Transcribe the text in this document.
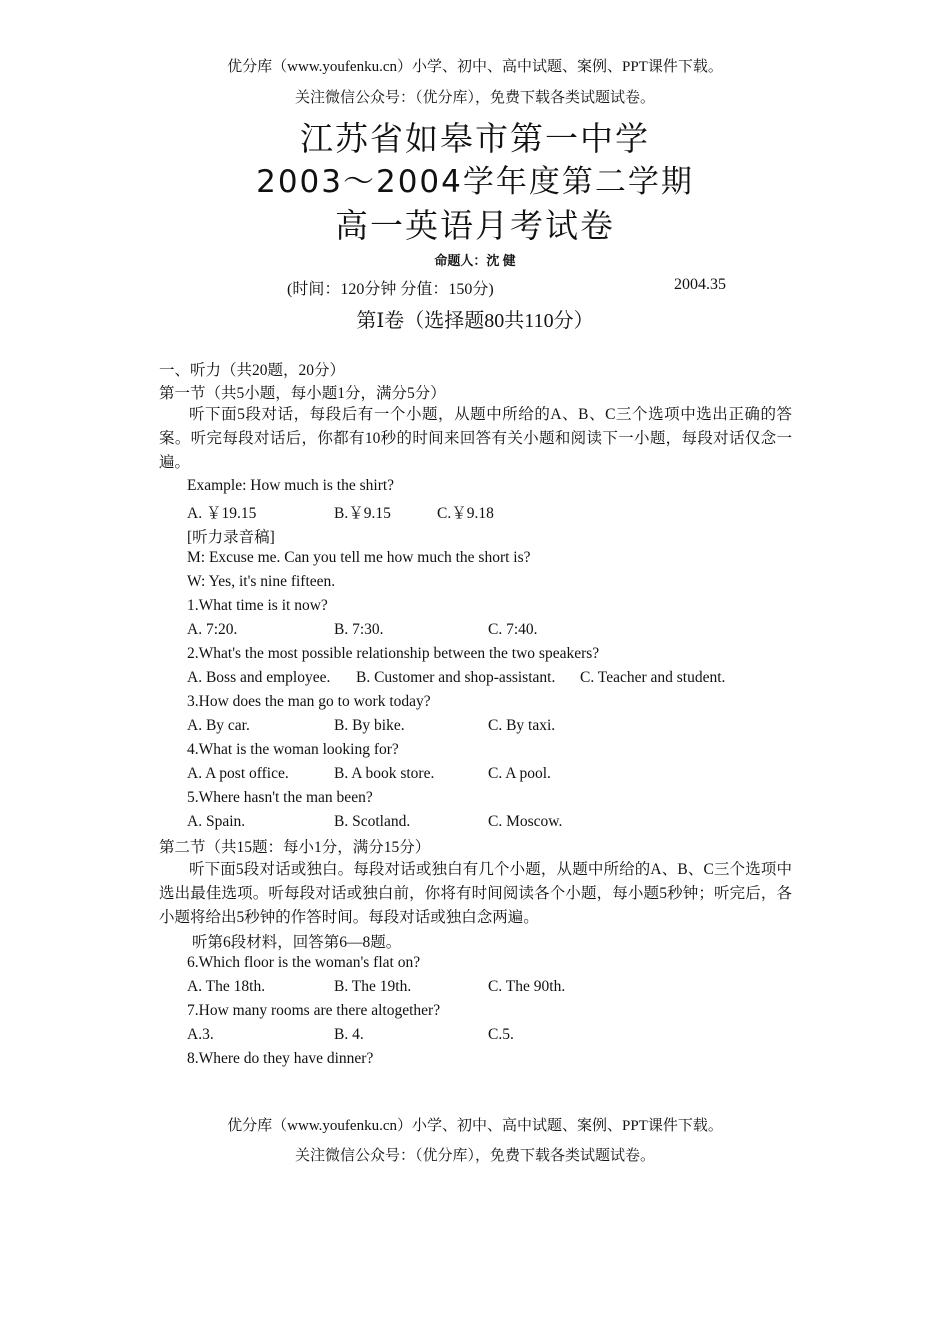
优分库（www.youfenku.cn）小学、初中、高中试题、案例、PPT课件下载。
关注微信公众号：（优分库），免费下载各类试题试卷。
江苏省如皋市第一中学
2003～2004学年度第二学期
高一英语月考试卷
命题人：沈 健
(时间：120分钟 分值：150分)	2004.35
第Ⅰ卷（选择题80共110分）
一、听力（共20题，20分）
第一节（共5小题，每小题1分，满分5分）
听下面5段对话，每段后有一个小题，从题中所给的A、B、C三个选项中选出正确的答案。听完每段对话后，你都有10秒的时间来回答有关小题和阅读下一小题，每段对话仅念一遍。
Example: How much is the shirt?
A. ￥19.15	B.￥9.15	C.￥9.18
[听力录音稿]
M: Excuse me. Can you tell me how much the short is?
W: Yes, it's nine fifteen.
1.What time is it now?
A. 7:20.	B. 7:30.	C. 7:40.
2.What's the most possible relationship between the two speakers?
A. Boss and employee. B. Customer and shop-assistant. C. Teacher and student.
3.How does the man go to work today?
A. By car.	B. By bike.	C. By taxi.
4.What is the woman looking for?
A. A post office.	B. A book store.	C. A pool.
5.Where hasn't the man been?
A. Spain.	B. Scotland.	C. Moscow.
第二节（共15题：每小1分，满分15分）
听下面5段对话或独白。每段对话或独白有几个小题，从题中所给的A、B、C三个选项中选出最佳选项。听每段对话或独白前，你将有时间阅读各个小题，每小题5秒钟；听完后，各小题将给出5秒钟的作答时间。每段对话或独白念两遍。
听第6段材料，回答第6—8题。
6.Which floor is the woman's flat on?
A. The 18th.	B. The 19th.	C. The 90th.
7.How many rooms are there altogether?
A.3.	B. 4.	C.5.
8.Where do they have dinner?
优分库（www.youfenku.cn）小学、初中、高中试题、案例、PPT课件下载。
关注微信公众号：（优分库），免费下载各类试题试卷。
